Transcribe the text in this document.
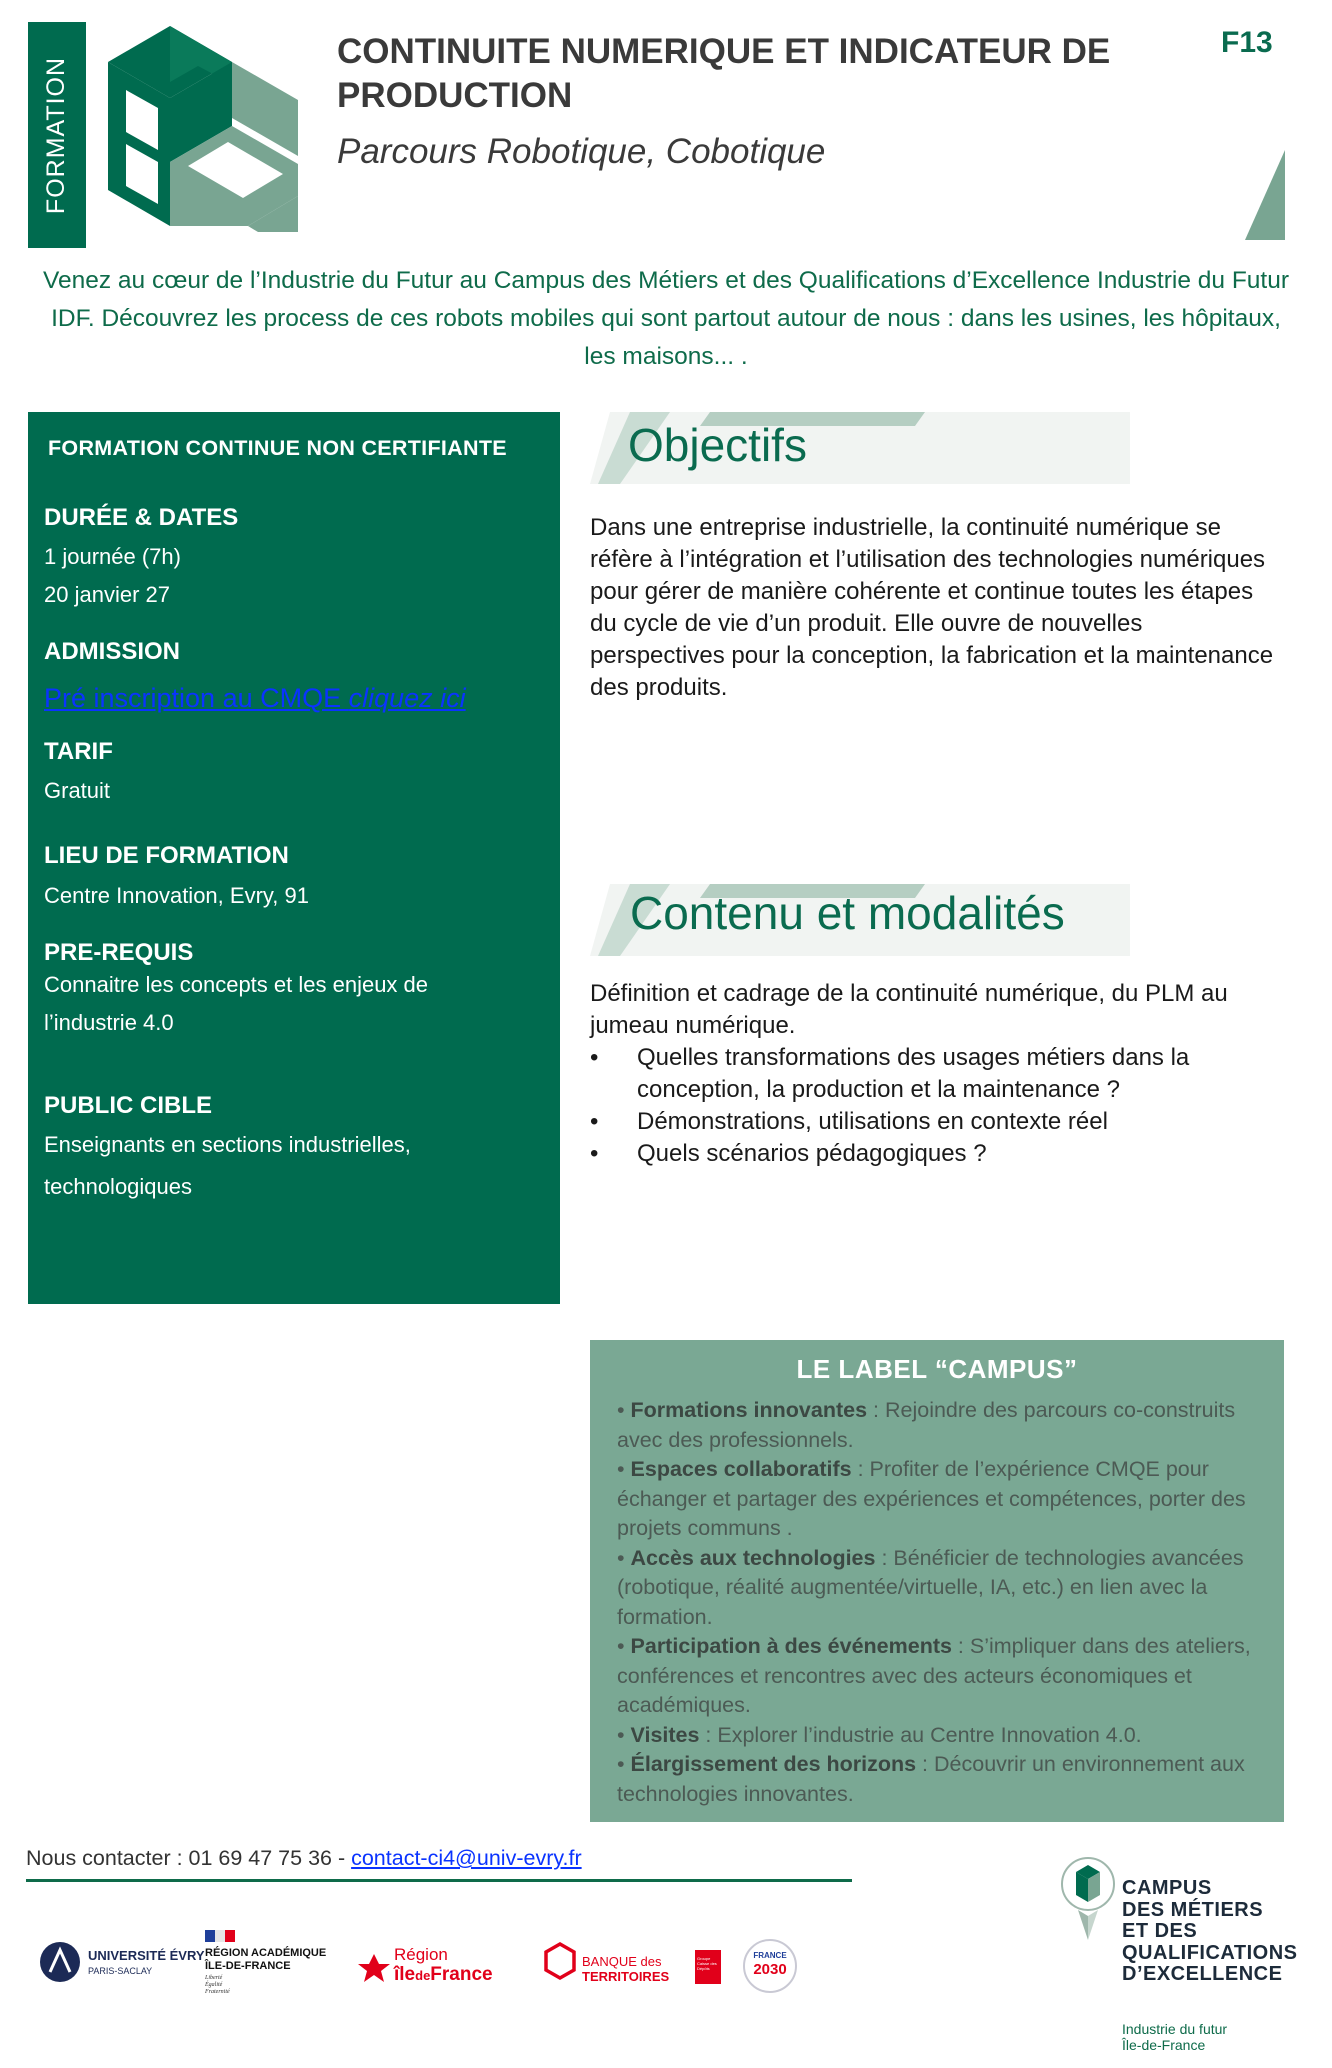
FORMATION
CONTINUITE NUMERIQUE ET INDICATEUR DE PRODUCTION
Parcours Robotique, Cobotique
F13
Venez au cœur de l’Industrie du Futur au Campus des Métiers et des Qualifications d’Excellence Industrie du Futur IDF. Découvrez les process de ces robots mobiles qui sont partout autour de nous : dans les usines, les hôpitaux, les maisons... .
FORMATION CONTINUE NON CERTIFIANTE
DURÉE & DATES
1 journée (7h)
20 janvier 27
ADMISSION
Pré inscription au CMQE cliquez ici
TARIF
Gratuit
LIEU DE FORMATION
Centre Innovation, Evry, 91
PRE-REQUIS
Connaitre les concepts et les enjeux de
l’industrie 4.0
PUBLIC CIBLE
Enseignants en sections industrielles,
technologiques
Objectifs
Dans une entreprise industrielle, la continuité numérique se réfère à l’intégration et l’utilisation des technologies numériques pour gérer de manière cohérente et continue toutes les étapes du cycle de vie d’un produit. Elle ouvre de nouvelles perspectives pour la conception, la fabrication et la maintenance des produits.
Contenu et modalités
Définition et cadrage de la continuité numérique, du PLM au jumeau numérique.
• Quelles transformations des usages métiers dans la conception, la production et la maintenance ?
• Démonstrations, utilisations en contexte réel
• Quels scénarios pédagogiques ?
LE LABEL “CAMPUS”
• Formations innovantes : Rejoindre des parcours co-construits avec des professionnels.
• Espaces collaboratifs : Profiter de l’expérience CMQE pour échanger et partager des expériences et compétences, porter des projets communs .
• Accès aux technologies : Bénéficier de technologies avancées (robotique, réalité augmentée/virtuelle, IA, etc.) en lien avec la formation.
• Participation à des événements : S’impliquer dans des ateliers, conférences et rencontres avec des acteurs économiques et académiques.
• Visites : Explorer l’industrie au Centre Innovation 4.0.
• Élargissement des horizons : Découvrir un environnement aux technologies innovantes.
Nous contacter : 01 69 47 75 36 - contact-ci4@univ-evry.fr
UNIVERSITÉ ÉVRY
PARIS-SACLAY
RÉGION ACADÉMIQUE
ÎLE-DE-FRANCE
Liberté
Égalité
Fraternité
Région
îledeFrance
BANQUE des
TERRITOIRES
Groupe
Caisse des
Dépôts
FRANCE
2030
CAMPUS
DES MÉTIERS
ET DES
QUALIFICATIONS
D’EXCELLENCE
Industrie du futur
Île-de-France
